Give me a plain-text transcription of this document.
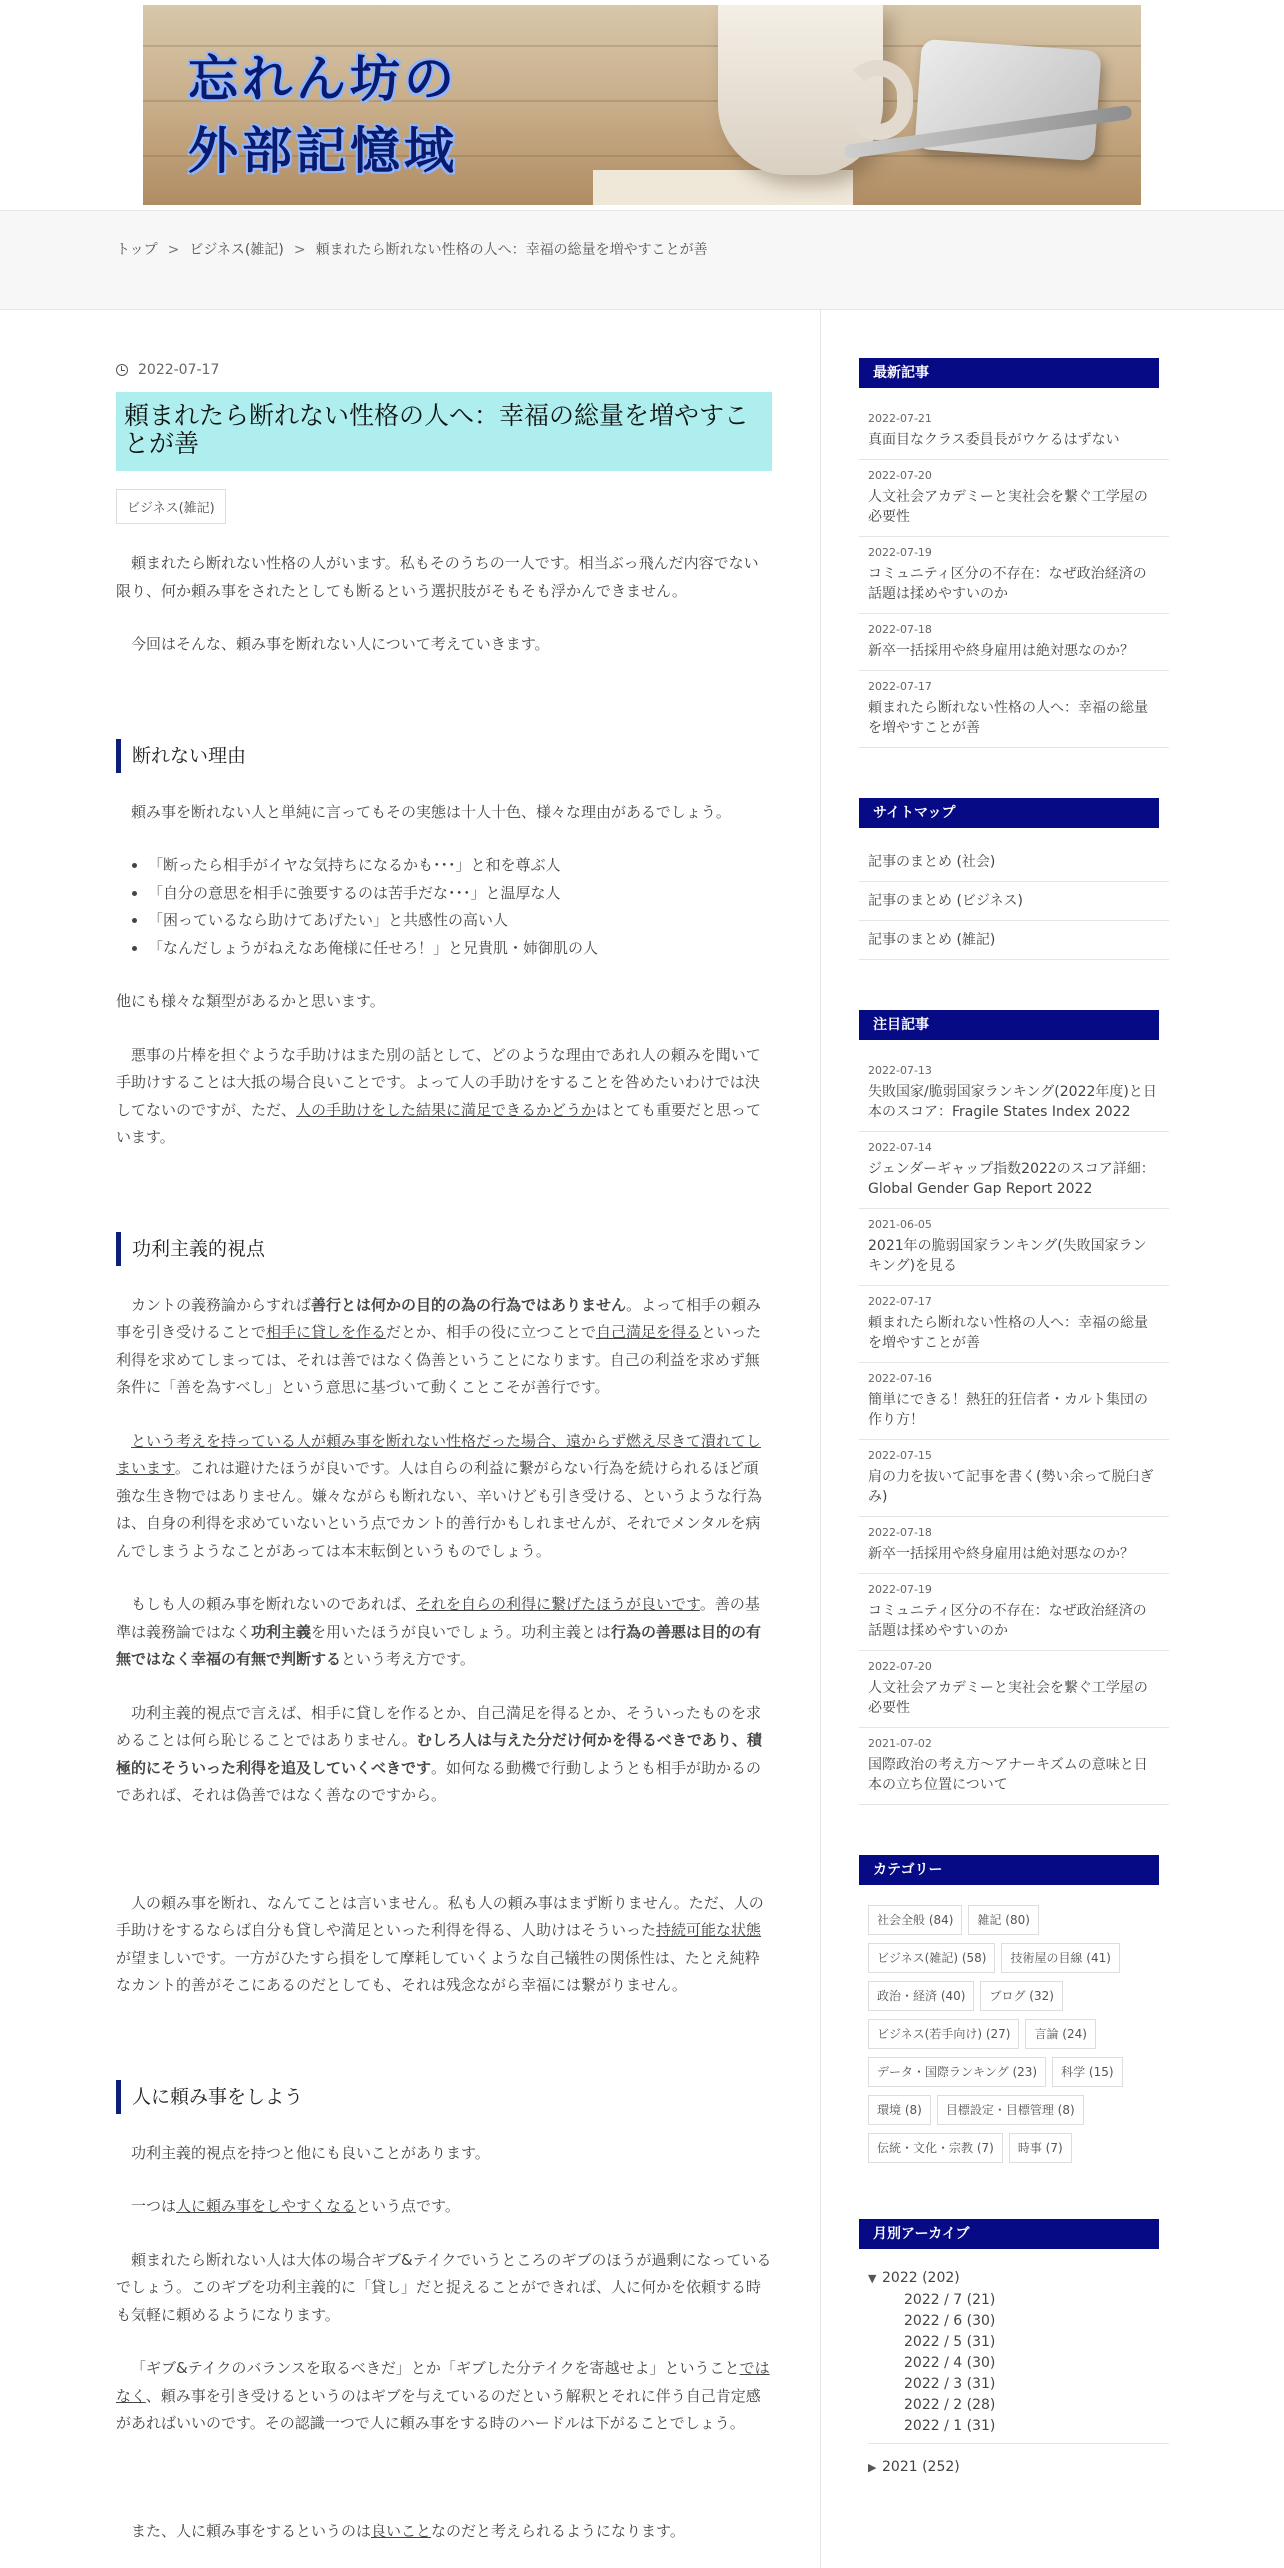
忘れん坊の
外部記憶域
トップ > ビジネス(雑記) > 頼まれたら断れない性格の人へ：幸福の総量を増やすことが善
2022-07-17
頼まれたら断れない性格の人へ：幸福の総量を増やすことが善
ビジネス(雑記)

頼まれたら断れない性格の人がいます。私もそのうちの一人です。相当ぶっ飛んだ内容でない限り、何か頼み事をされたとしても断るという選択肢がそもそも浮かんできません。

今回はそんな、頼み事を断れない人について考えていきます。

断れない理由

頼み事を断れない人と単純に言ってもその実態は十人十色、様々な理由があるでしょう。

• 「断ったら相手がイヤな気持ちになるかも･･･」と和を尊ぶ人
• 「自分の意思を相手に強要するのは苦手だな･･･」と温厚な人
• 「困っているなら助けてあげたい」と共感性の高い人
• 「なんだしょうがねえなあ俺様に任せろ！」と兄貴肌・姉御肌の人

他にも様々な類型があるかと思います。

悪事の片棒を担ぐような手助けはまた別の話として、どのような理由であれ人の頼みを聞いて手助けすることは大抵の場合良いことです。よって人の手助けをすることを咎めたいわけでは決してないのですが、ただ、人の手助けをした結果に満足できるかどうかはとても重要だと思っています。

功利主義的視点

カントの義務論からすれば善行とは何かの目的の為の行為ではありません。よって相手の頼み事を引き受けることで相手に貸しを作るだとか、相手の役に立つことで自己満足を得るといった利得を求めてしまっては、それは善ではなく偽善ということになります。自己の利益を求めず無条件に「善を為すべし」という意思に基づいて動くことこそが善行です。

という考えを持っている人が頼み事を断れない性格だった場合、遠からず燃え尽きて潰れてしまいます。これは避けたほうが良いです。人は自らの利益に繋がらない行為を続けられるほど頑強な生き物ではありません。嫌々ながらも断れない、辛いけども引き受ける、というような行為は、自身の利得を求めていないという点でカント的善行かもしれませんが、それでメンタルを病んでしまうようなことがあっては本末転倒というものでしょう。

もしも人の頼み事を断れないのであれば、それを自らの利得に繋げたほうが良いです。善の基準は義務論ではなく功利主義を用いたほうが良いでしょう。功利主義とは行為の善悪は目的の有無ではなく幸福の有無で判断するという考え方です。

功利主義的視点で言えば、相手に貸しを作るとか、自己満足を得るとか、そういったものを求めることは何ら恥じることではありません。むしろ人は与えた分だけ何かを得るべきであり、積極的にそういった利得を追及していくべきです。如何なる動機で行動しようとも相手が助かるのであれば、それは偽善ではなく善なのですから。

人の頼み事を断れ、なんてことは言いません。私も人の頼み事はまず断りません。ただ、人の手助けをするならば自分も貸しや満足といった利得を得る、人助けはそういった持続可能な状態が望ましいです。一方がひたすら損をして摩耗していくような自己犠牲の関係性は、たとえ純粋なカント的善がそこにあるのだとしても、それは残念ながら幸福には繋がりません。

人に頼み事をしよう

功利主義的視点を持つと他にも良いことがあります。

一つは人に頼み事をしやすくなるという点です。

頼まれたら断れない人は大体の場合ギブ&テイクでいうところのギブのほうが過剰になっているでしょう。このギブを功利主義的に「貸し」だと捉えることができれば、人に何かを依頼する時も気軽に頼めるようになります。

「ギブ&テイクのバランスを取るべきだ」とか「ギブした分テイクを寄越せよ」ということではなく、頼み事を引き受けるというのはギブを与えているのだという解釈とそれに伴う自己肯定感があればいいのです。その認識一つで人に頼み事をする時のハードルは下がることでしょう。

また、人に頼み事をするというのは良いことなのだと考えられるようになります。

最新記事
2022-07-21
真面目なクラス委員長がウケるはずない
2022-07-20
人文社会アカデミーと実社会を繋ぐ工学屋の必要性
2022-07-19
コミュニティ区分の不存在：なぜ政治経済の話題は揉めやすいのか
2022-07-18
新卒一括採用や終身雇用は絶対悪なのか？
2022-07-17
頼まれたら断れない性格の人へ：幸福の総量を増やすことが善
サイトマップ
記事のまとめ (社会)
記事のまとめ (ビジネス)
記事のまとめ (雑記)
注目記事
2022-07-13
失敗国家/脆弱国家ランキング(2022年度)と日本のスコア：Fragile States Index 2022
2022-07-14
ジェンダーギャップ指数2022のスコア詳細：Global Gender Gap Report 2022
2021-06-05
2021年の脆弱国家ランキング(失敗国家ランキング)を見る
2022-07-17
頼まれたら断れない性格の人へ：幸福の総量を増やすことが善
2022-07-16
簡単にできる！熱狂的狂信者・カルト集団の作り方！
2022-07-15
肩の力を抜いて記事を書く(勢い余って脱臼ぎみ)
2022-07-18
新卒一括採用や終身雇用は絶対悪なのか？
2022-07-19
コミュニティ区分の不存在：なぜ政治経済の話題は揉めやすいのか
2022-07-20
人文社会アカデミーと実社会を繋ぐ工学屋の必要性
2021-07-02
国際政治の考え方～アナーキズムの意味と日本の立ち位置について
カテゴリー
社会全般 (84)	雑記 (80)
ビジネス(雑記) (58)	技術屋の目線 (41)
政治・経済 (40)	ブログ (32)
ビジネス(若手向け) (27)	言論 (24)
データ・国際ランキング (23)	科学 (15)
環境 (8)	目標設定・目標管理 (8)
伝統・文化・宗教 (7)	時事 (7)
月別アーカイブ
▼ 2022 (202)
2022 / 7 (21)
2022 / 6 (30)
2022 / 5 (31)
2022 / 4 (30)
2022 / 3 (31)
2022 / 2 (28)
2022 / 1 (31)
▶ 2021 (252)
